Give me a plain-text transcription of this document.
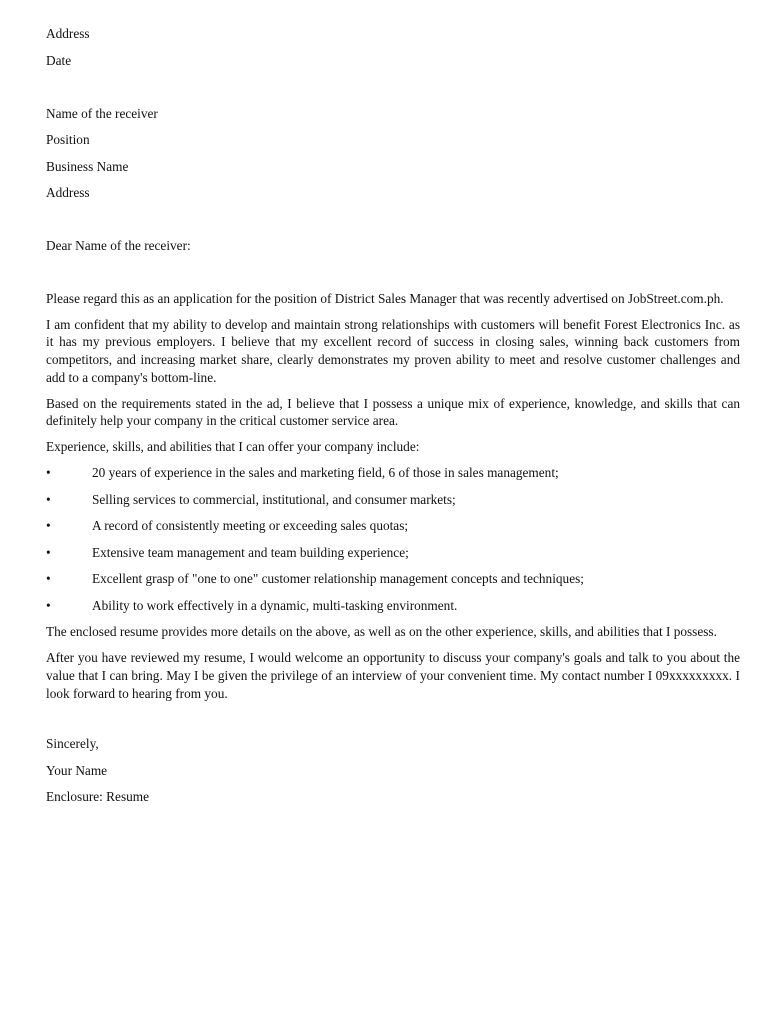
Address
Date
Name of the receiver
Position
Business Name
Address
Dear Name of the receiver:
Please regard this as an application for the position of District Sales Manager that was recently advertised on JobStreet.com.ph.
I am confident that my ability to develop and maintain strong relationships with customers will benefit Forest Electronics Inc. as it has my previous employers. I believe that my excellent record of success in closing sales, winning back customers from competitors, and increasing market share, clearly demonstrates my proven ability to meet and resolve customer challenges and add to a company's bottom-line.
Based on the requirements stated in the ad, I believe that I possess a unique mix of experience, knowledge, and skills that can definitely help your company in the critical customer service area.
Experience, skills, and abilities that I can offer your company include:
•	20 years of experience in the sales and marketing field, 6 of those in sales management;
•	Selling services to commercial, institutional, and consumer markets;
•	A record of consistently meeting or exceeding sales quotas;
•	Extensive team management and team building experience;
•	Excellent grasp of "one to one" customer relationship management concepts and techniques;
•	Ability to work effectively in a dynamic, multi-tasking environment.
The enclosed resume provides more details on the above, as well as on the other experience, skills, and abilities that I possess.
After you have reviewed my resume, I would welcome an opportunity to discuss your company's goals and talk to you about the value that I can bring. May I be given the privilege of an interview of your convenient time. My contact number I 09xxxxxxxxx. I look forward to hearing from you.
Sincerely,
Your Name
Enclosure: Resume
